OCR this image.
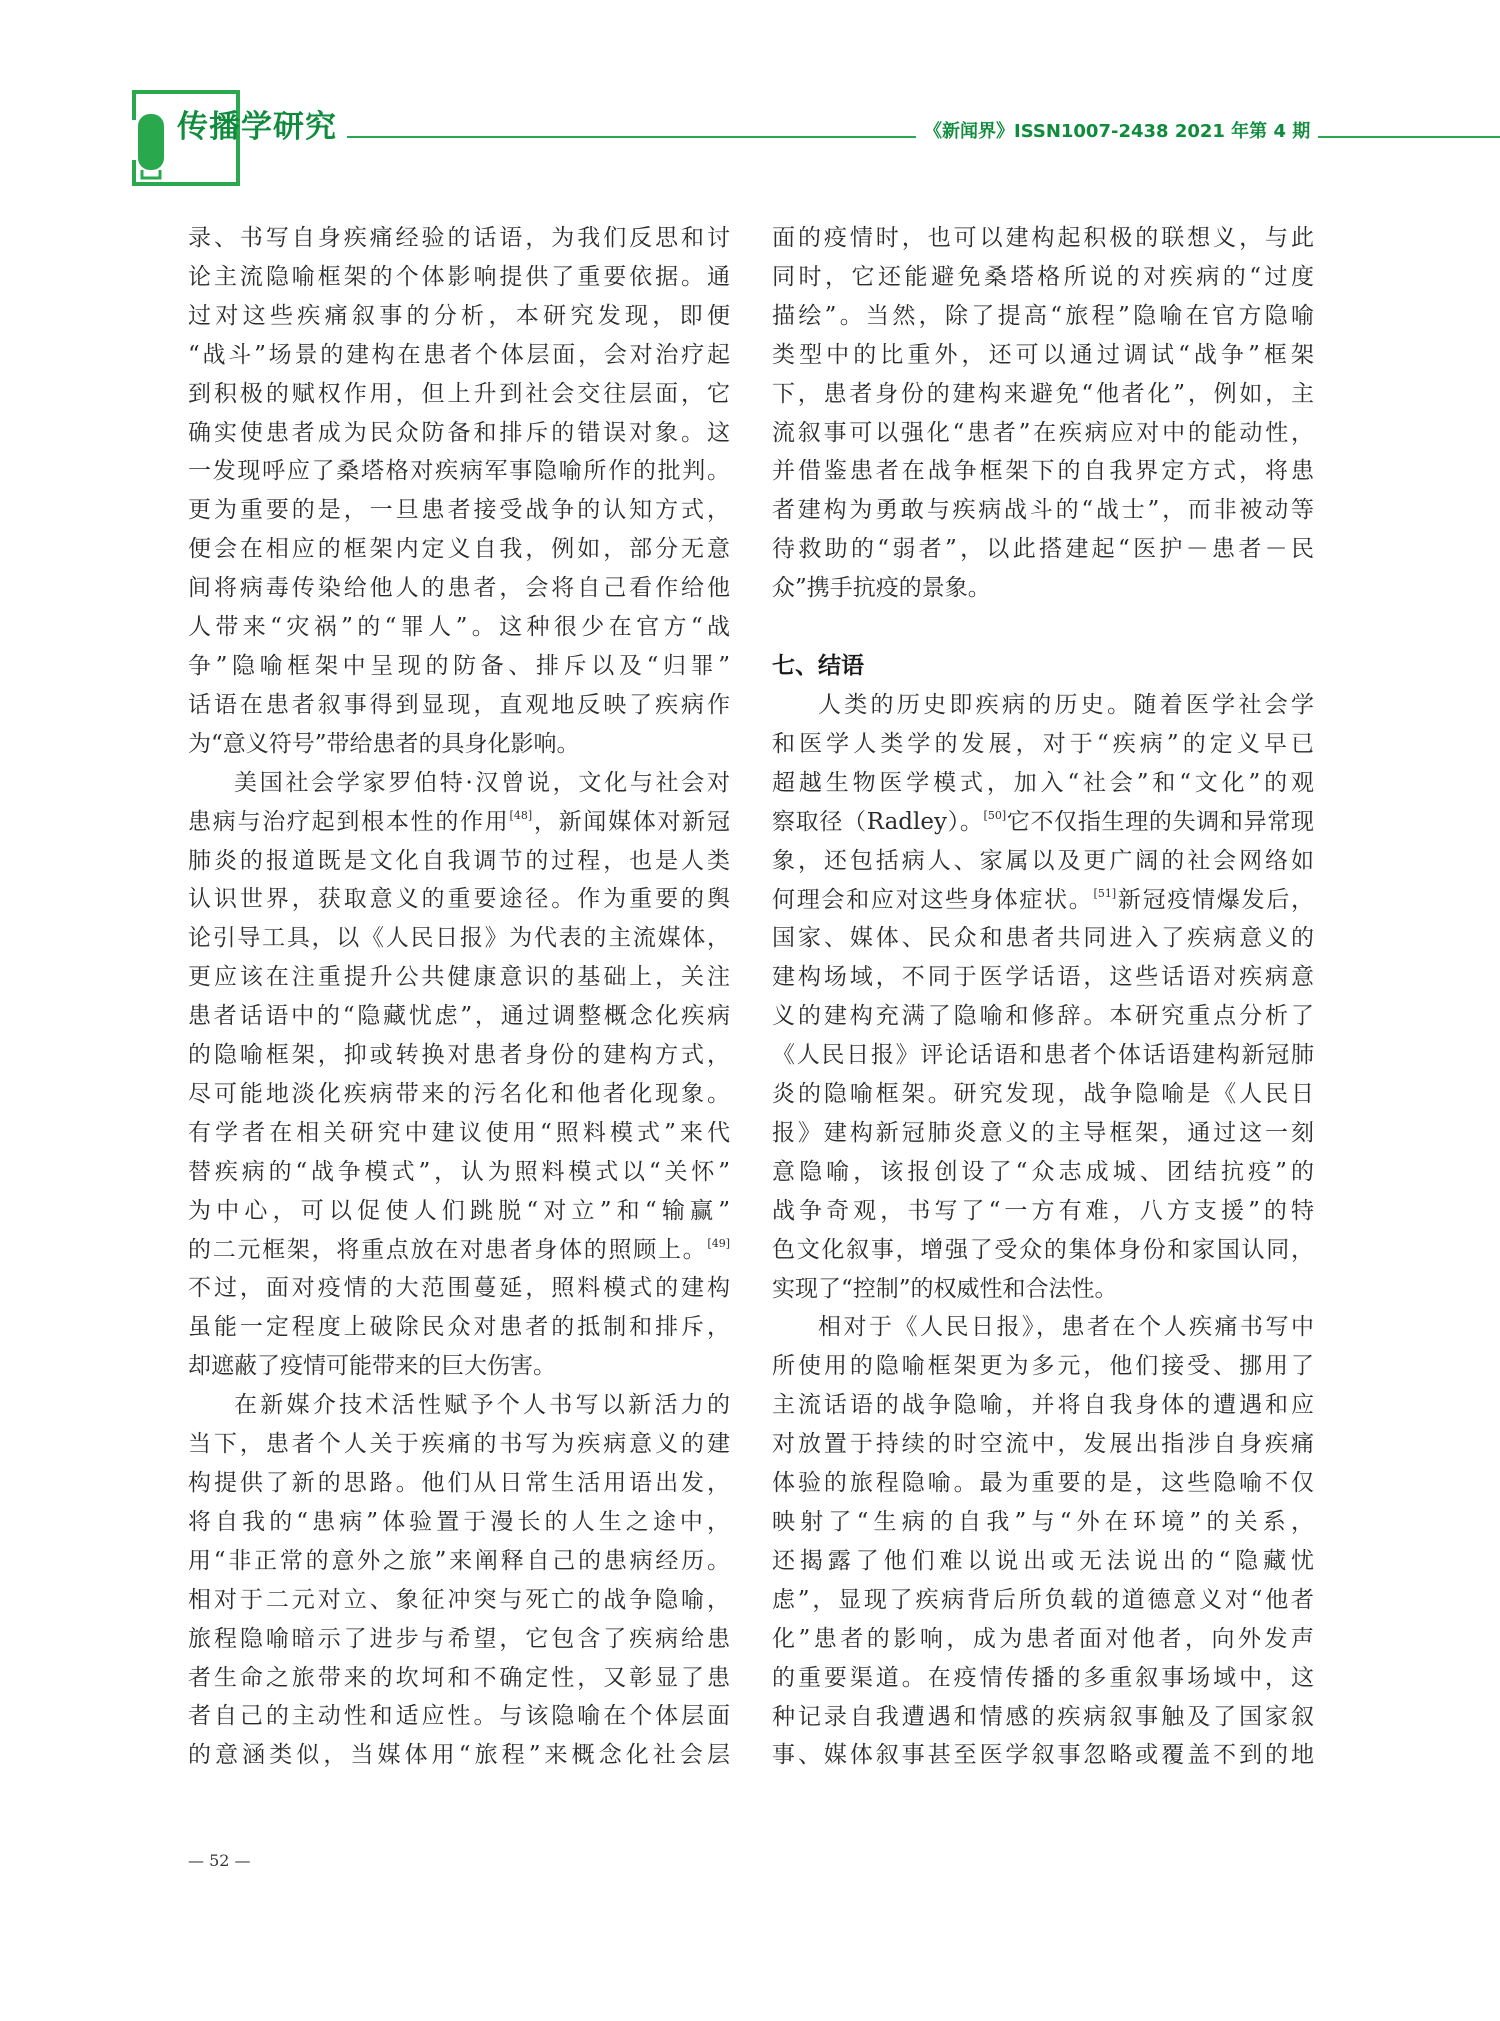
传播学研究	《新闻界》ISSN1007-2438 2021 年第 4 期

录、书写自身疾痛经验的话语，为我们反思和讨
论主流隐喻框架的个体影响提供了重要依据。通
过对这些疾痛叙事的分析，本研究发现，即便
“战斗”场景的建构在患者个体层面，会对治疗起
到积极的赋权作用，但上升到社会交往层面，它
确实使患者成为民众防备和排斥的错误对象。这
一发现呼应了桑塔格对疾病军事隐喻所作的批判。
更为重要的是，一旦患者接受战争的认知方式，
便会在相应的框架内定义自我，例如，部分无意
间将病毒传染给他人的患者，会将自己看作给他
人带来“灾祸”的“罪人”。这种很少在官方“战
争”隐喻框架中呈现的防备、排斥以及“归罪”
话语在患者叙事得到显现，直观地反映了疾病作
为“意义符号”带给患者的具身化影响。

美国社会学家罗伯特·汉曾说，文化与社会对
患病与治疗起到根本性的作用[48]，新闻媒体对新冠
肺炎的报道既是文化自我调节的过程，也是人类
认识世界，获取意义的重要途径。作为重要的舆
论引导工具，以《人民日报》为代表的主流媒体，
更应该在注重提升公共健康意识的基础上，关注
患者话语中的“隐藏忧虑”，通过调整概念化疾病
的隐喻框架，抑或转换对患者身份的建构方式，
尽可能地淡化疾病带来的污名化和他者化现象。
有学者在相关研究中建议使用“照料模式”来代
替疾病的“战争模式”，认为照料模式以“关怀”
为中心，可以促使人们跳脱“对立”和“输赢”
的二元框架，将重点放在对患者身体的照顾上。[49]
不过，面对疫情的大范围蔓延，照料模式的建构
虽能一定程度上破除民众对患者的抵制和排斥，
却遮蔽了疫情可能带来的巨大伤害。

在新媒介技术活性赋予个人书写以新活力的
当下，患者个人关于疾痛的书写为疾病意义的建
构提供了新的思路。他们从日常生活用语出发，
将自我的“患病”体验置于漫长的人生之途中，
用“非正常的意外之旅”来阐释自己的患病经历。
相对于二元对立、象征冲突与死亡的战争隐喻，
旅程隐喻暗示了进步与希望，它包含了疾病给患
者生命之旅带来的坎坷和不确定性，又彰显了患
者自己的主动性和适应性。与该隐喻在个体层面
的意涵类似，当媒体用“旅程”来概念化社会层

面的疫情时，也可以建构起积极的联想义，与此
同时，它还能避免桑塔格所说的对疾病的“过度
描绘”。当然，除了提高“旅程”隐喻在官方隐喻
类型中的比重外，还可以通过调试“战争”框架
下，患者身份的建构来避免“他者化”，例如，主
流叙事可以强化“患者”在疾病应对中的能动性，
并借鉴患者在战争框架下的自我界定方式，将患
者建构为勇敢与疾病战斗的“战士”，而非被动等
待救助的“弱者”，以此搭建起“医护－患者－民
众”携手抗疫的景象。

七、结语

人类的历史即疾病的历史。随着医学社会学
和医学人类学的发展，对于“疾病”的定义早已
超越生物医学模式，加入“社会”和“文化”的观
察取径（Radley）。[50]它不仅指生理的失调和异常现
象，还包括病人、家属以及更广阔的社会网络如
何理会和应对这些身体症状。[51]新冠疫情爆发后，
国家、媒体、民众和患者共同进入了疾病意义的
建构场域，不同于医学话语，这些话语对疾病意
义的建构充满了隐喻和修辞。本研究重点分析了
《人民日报》评论话语和患者个体话语建构新冠肺
炎的隐喻框架。研究发现，战争隐喻是《人民日
报》建构新冠肺炎意义的主导框架，通过这一刻
意隐喻，该报创设了“众志成城、团结抗疫”的
战争奇观，书写了“一方有难，八方支援”的特
色文化叙事，增强了受众的集体身份和家国认同，
实现了“控制”的权威性和合法性。

相对于《人民日报》，患者在个人疾痛书写中
所使用的隐喻框架更为多元，他们接受、挪用了
主流话语的战争隐喻，并将自我身体的遭遇和应
对放置于持续的时空流中，发展出指涉自身疾痛
体验的旅程隐喻。最为重要的是，这些隐喻不仅
映射了“生病的自我”与“外在环境”的关系，
还揭露了他们难以说出或无法说出的“隐藏忧
虑”，显现了疾病背后所负载的道德意义对“他者
化”患者的影响，成为患者面对他者，向外发声
的重要渠道。在疫情传播的多重叙事场域中，这
种记录自我遭遇和情感的疾病叙事触及了国家叙
事、媒体叙事甚至医学叙事忽略或覆盖不到的地

— 52 —
